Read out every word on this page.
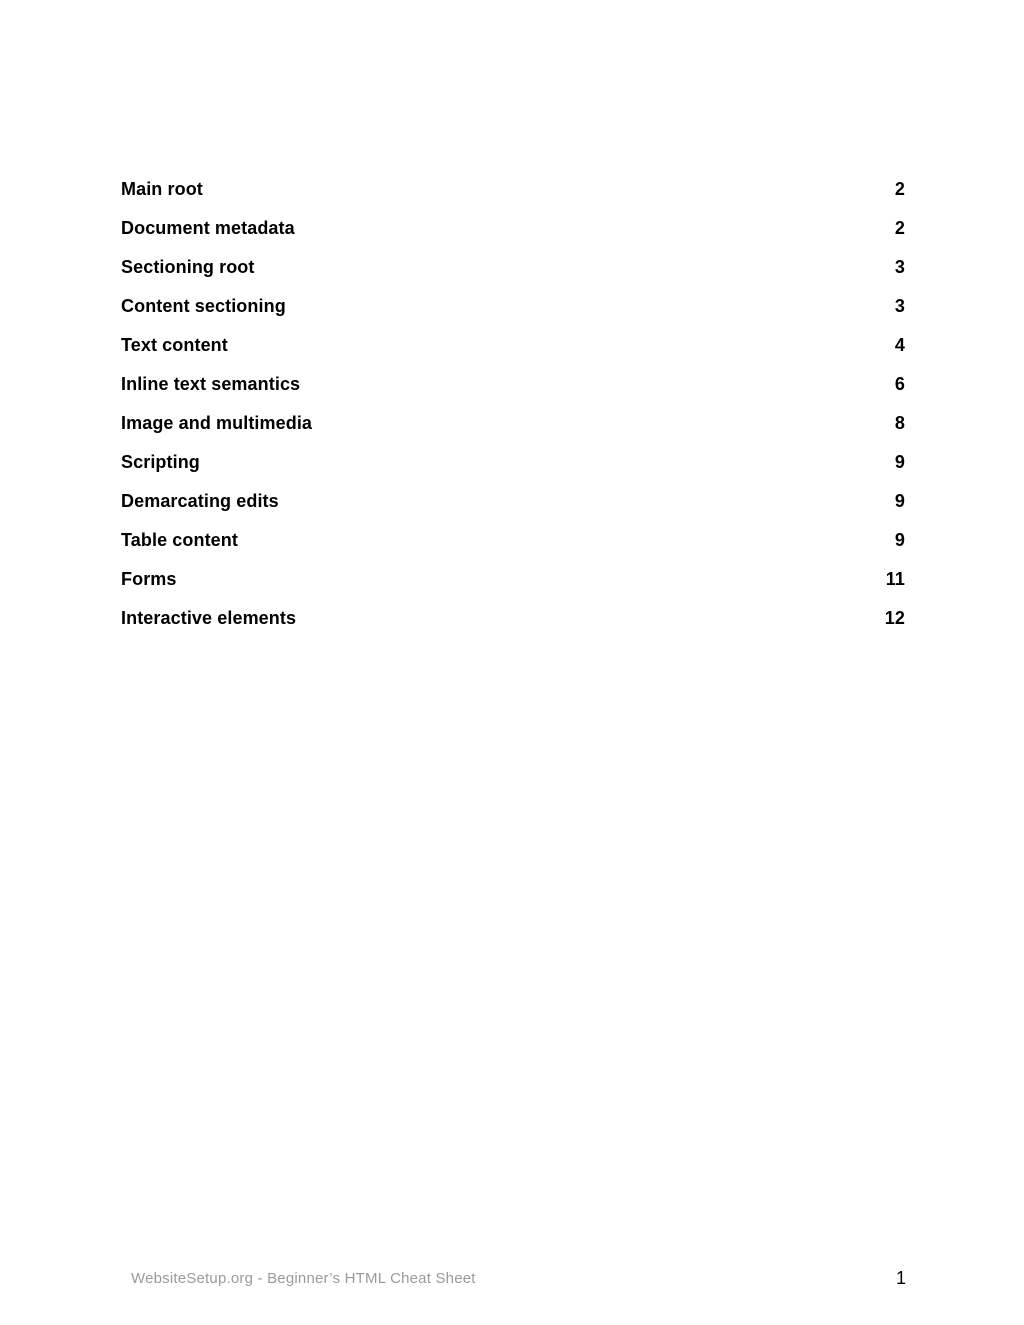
Main root	2
Document metadata	2
Sectioning root	3
Content sectioning	3
Text content	4
Inline text semantics	6
Image and multimedia	8
Scripting	9
Demarcating edits	9
Table content	9
Forms	11
Interactive elements	12
WebsiteSetup.org - Beginner’s HTML Cheat Sheet	1
